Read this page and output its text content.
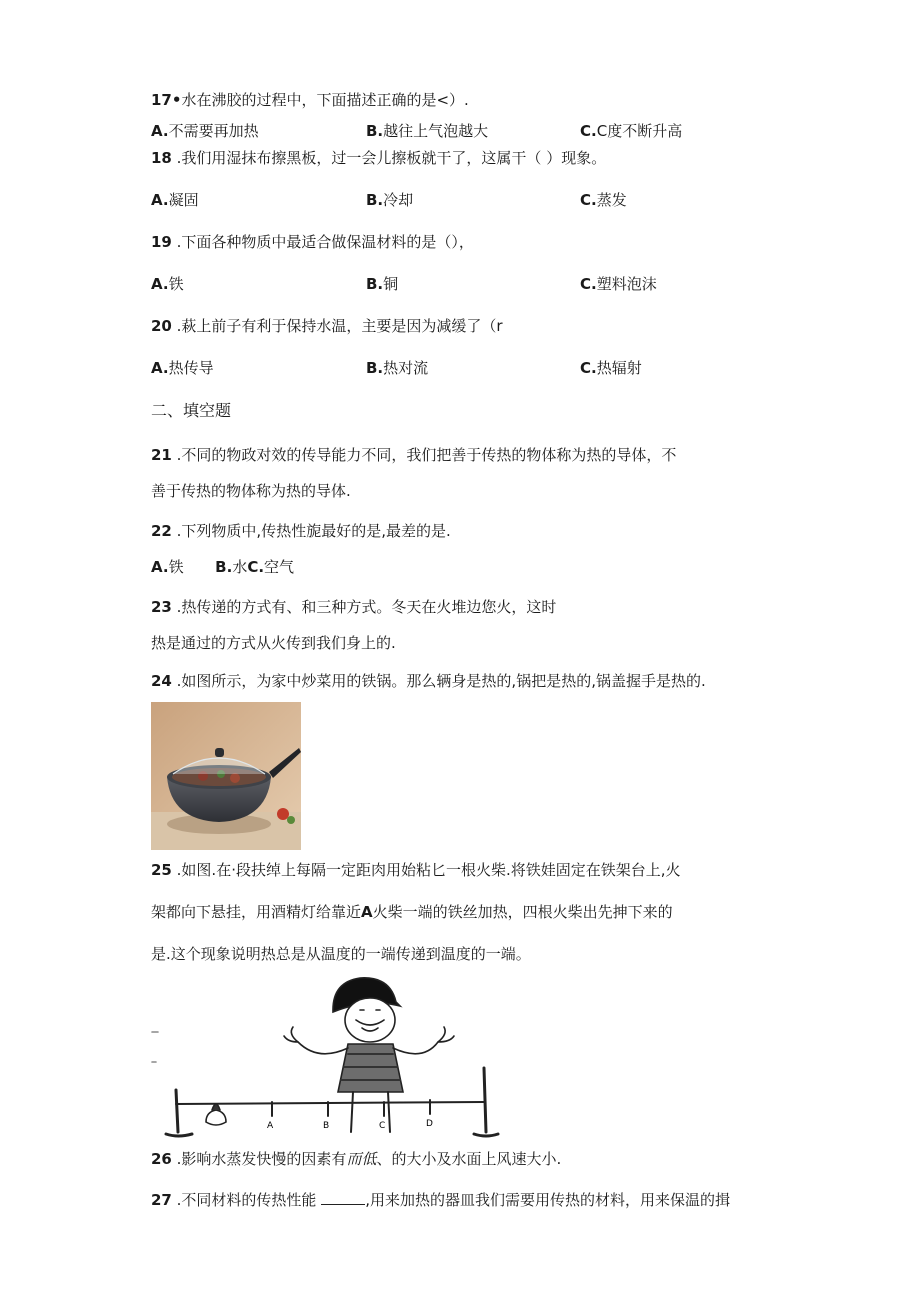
17•水在沸胶的过程中，下面描述正确的是<）.
A.不需要再加热	B.越往上气泡越大	C.C度不断升高
18 .我们用湿抹布擦黑板，过一会儿擦板就干了，这属干（ ）现象。
A.凝固	B.冷却	C.蒸发
19 .下面各种物质中最适合做保温材料的是（），
A.铁	B.铜	C.塑料泡沫
20 .萩上前子有利于保持水温，主要是因为减缓了（r
A.热传导	B.热对流	C.热辐射
二、填空题
21 .不同的物政对效的传导能力不同，我们把善于传热的物体称为热的导体，不
善于传热的物体称为热的导体.
22 .下列物质中,传热性旎最好的是,最差的是.
A.铁 B.水C.空气
23 .热传递的方式有、和三种方式。冬天在火堆边您火，这时
热是通过的方式从火传到我们身上的.
24 .如图所示，为家中炒菜用的铁锅。那么辆身是热的,锅把是热的,锅盖握手是热的.
25 .如图.在·段扶绰上每隔一定距肉用始粘匕一根火柴.将铁娃固定在铁架台上,火
架都向下悬挂，用酒精灯给靠近A火柴一端的铁丝加热，四根火柴出先抻下来的
是.这个现象说明热总是从温度的一端传递到温度的一端。
A	B	C	D
26 .影响水蒸发快慢的因素有而低、的大小及水面上风速大小.
27 .不同材料的传热性能	,用来加热的器皿我们需要用传热的材料，用来保温的揖
